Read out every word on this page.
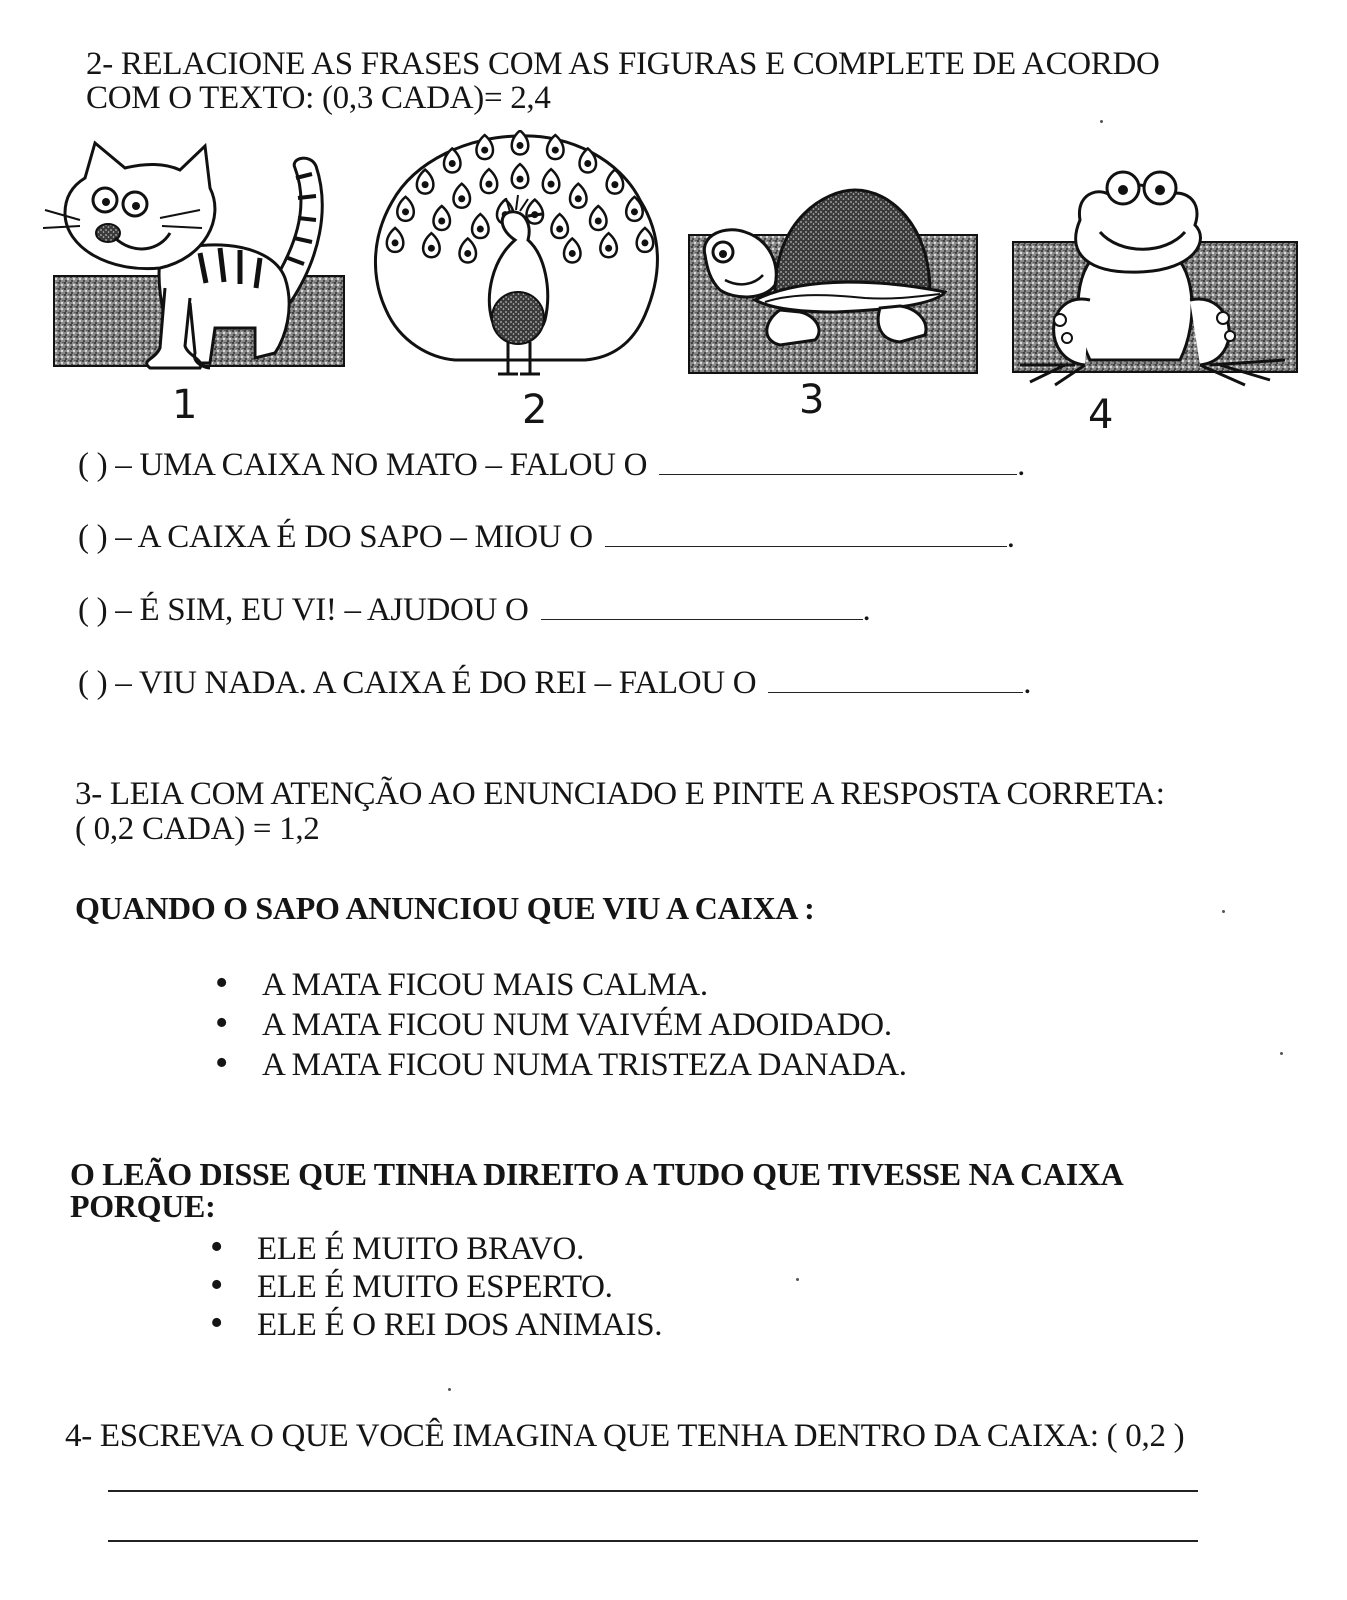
2- RELACIONE AS FRASES COM AS FIGURAS E COMPLETE DE ACORDO
COM O TEXTO: (0,3 CADA)= 2,4
1	2	3	4
( ) – UMA CAIXA NO MATO – FALOU O	.
( ) – A CAIXA É DO SAPO – MIOU O	.
( ) – É SIM, EU VI! – AJUDOU O	.
( ) – VIU NADA. A CAIXA É DO REI – FALOU O	.
3- LEIA COM ATENÇÃO AO ENUNCIADO E PINTE A RESPOSTA CORRETA:
( 0,2 CADA) = 1,2
QUANDO O SAPO ANUNCIOU QUE VIU A CAIXA :
• A MATA FICOU MAIS CALMA.
• A MATA FICOU NUM VAIVÉM ADOIDADO.
• A MATA FICOU NUMA TRISTEZA DANADA.
O LEÃO DISSE QUE TINHA DIREITO A TUDO QUE TIVESSE NA CAIXA
PORQUE:
• ELE É MUITO BRAVO.
• ELE É MUITO ESPERTO.
• ELE É O REI DOS ANIMAIS.
4- ESCREVA O QUE VOCÊ IMAGINA QUE TENHA DENTRO DA CAIXA: ( 0,2 )
